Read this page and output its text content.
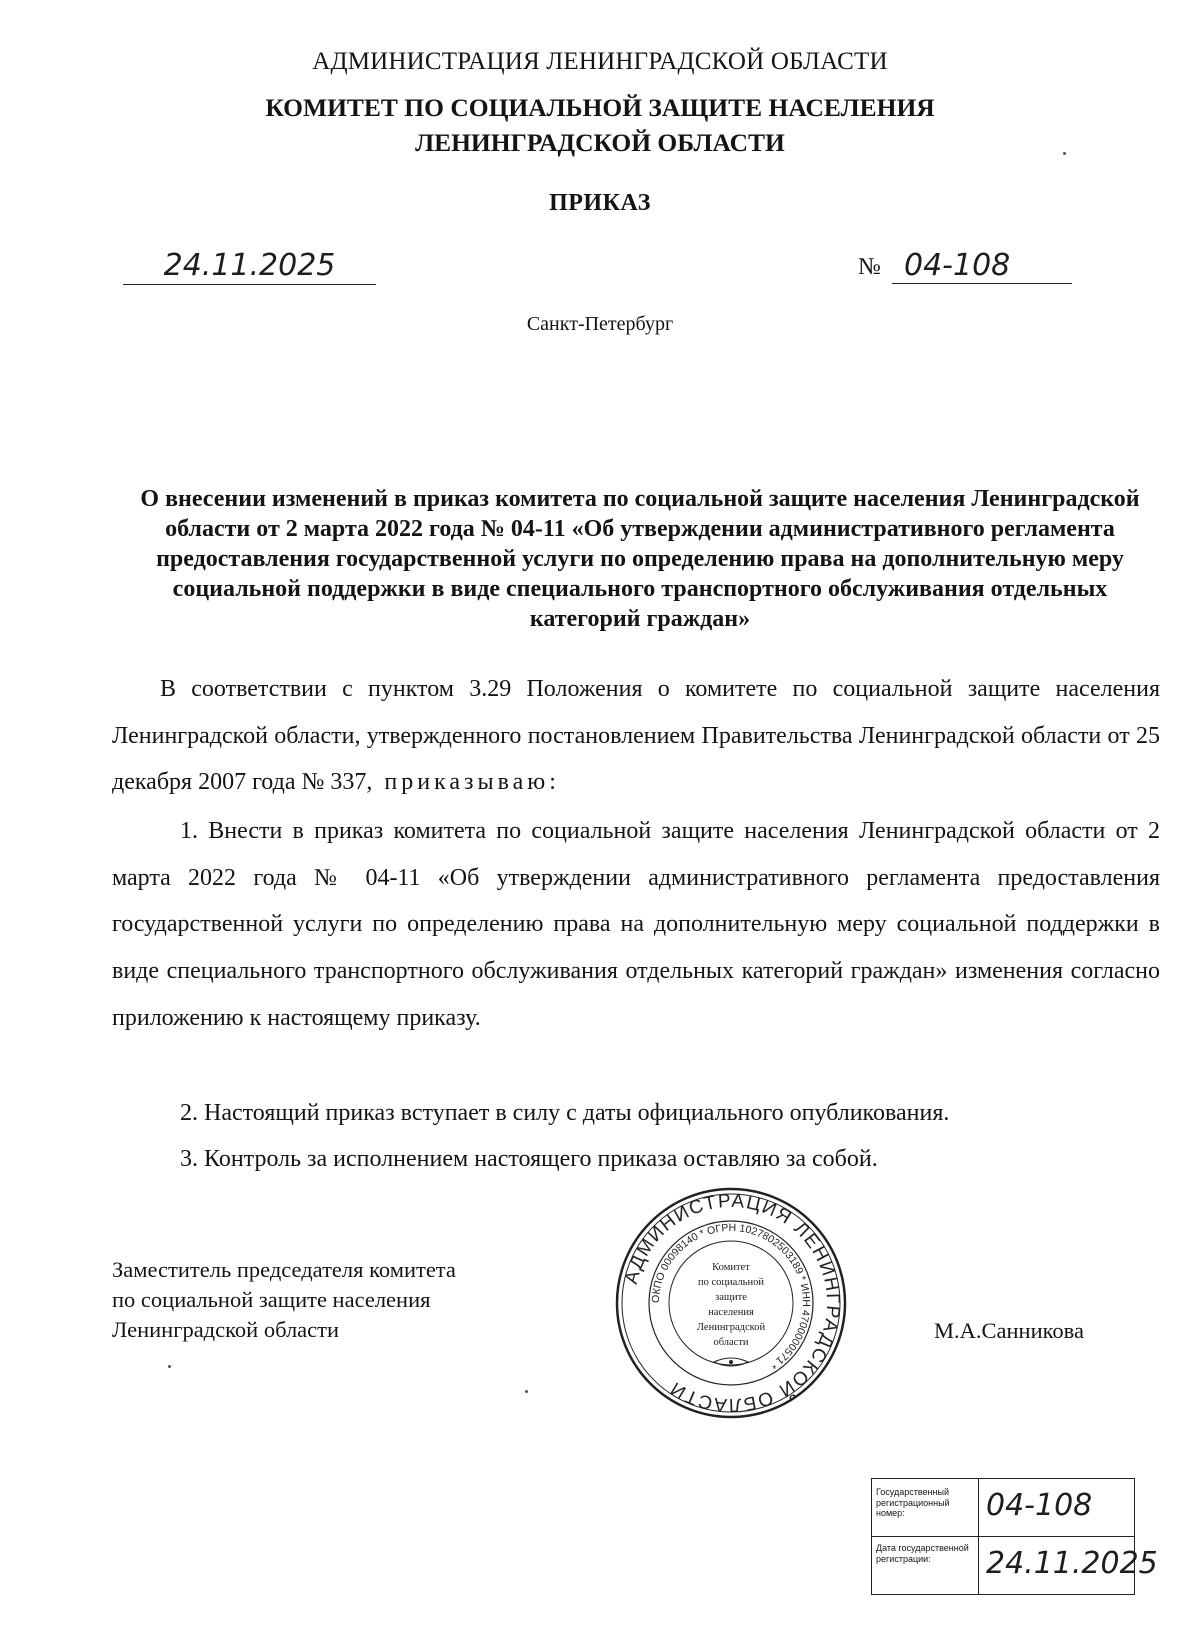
АДМИНИСТРАЦИЯ ЛЕНИНГРАДСКОЙ ОБЛАСТИ
КОМИТЕТ ПО СОЦИАЛЬНОЙ ЗАЩИТЕ НАСЕЛЕНИЯ
ЛЕНИНГРАДСКОЙ ОБЛАСТИ
ПРИКАЗ
24.11.2025	№ 04-108
Санкт-Петербург
О внесении изменений в приказ комитета по социальной защите населения Ленинградской области от 2 марта 2022 года № 04-11 «Об утверждении административного регламента предоставления государственной услуги по определению права на дополнительную меру социальной поддержки в виде специального транспортного обслуживания отдельных категорий граждан»
В соответствии с пунктом 3.29 Положения о комитете по социальной защите населения Ленинградской области, утвержденного постановлением Правительства Ленинградской области от 25 декабря 2007 года № 337, приказываю:
1. Внести в приказ комитета по социальной защите населения Ленинградской области от 2 марта 2022 года № 04-11 «Об утверждении административного регламента предоставления государственной услуги по определению права на дополнительную меру социальной поддержки в виде специального транспортного обслуживания отдельных категорий граждан» изменения согласно приложению к настоящему приказу.
2. Настоящий приказ вступает в силу с даты официального опубликования.
3. Контроль за исполнением настоящего приказа оставляю за собой.
Заместитель председателя комитета
по социальной защите населения
Ленинградской области
АДМИНИСТРАЦИЯ ЛЕНИНГРАДСКОЙ ОБЛАСТИ
ОКПО 00098140 * ОГРН 1027802503189 * ИНН 4700000571 *
Комитет
по социальной
защите
населения
Ленинградской
области	М.А.Санникова
Государственный регистрационный номер:	04-108
Дата государственной регистрации:	24.11.2025
